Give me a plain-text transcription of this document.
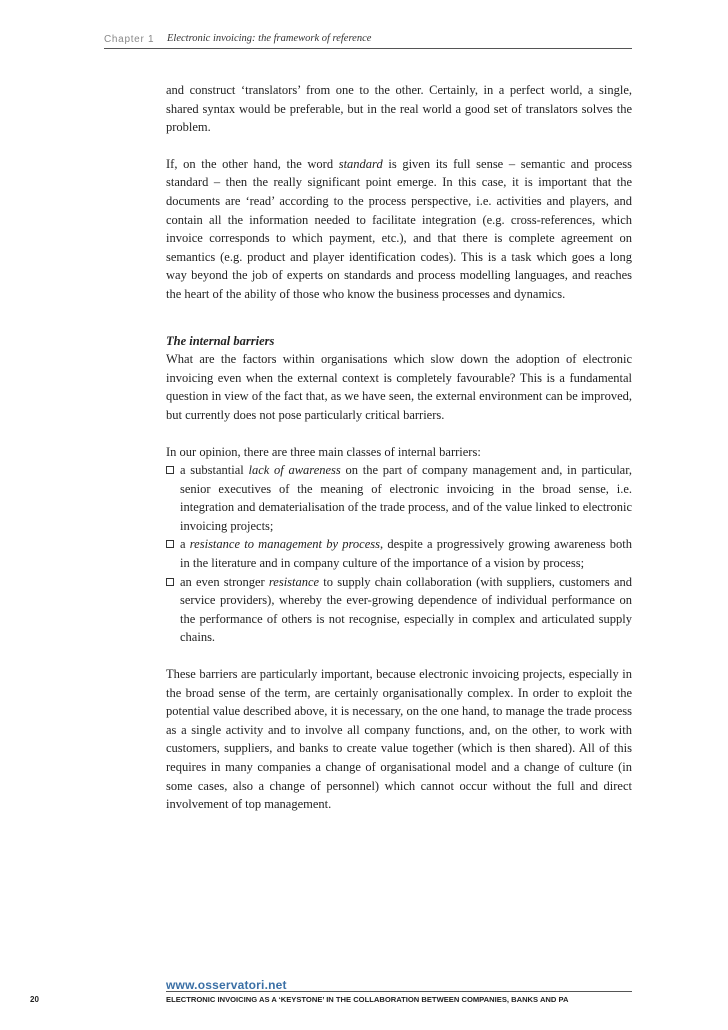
Chapter 1 Electronic invoicing: the framework of reference

and construct ‘translators’ from one to the other. Certainly, in a perfect world, a single, shared syntax would be preferable, but in the real world a good set of translators solves the problem.

If, on the other hand, the word standard is given its full sense – semantic and process standard – then the really significant point emerge. In this case, it is important that the documents are ‘read’ according to the process perspective, i.e. activities and players, and contain all the information needed to facilitate integration (e.g. cross-references, which invoice corresponds to which payment, etc.), and that there is complete agreement on semantics (e.g. product and player identification codes). This is a task which goes a long way beyond the job of experts on standards and process modelling languages, and reaches the heart of the ability of those who know the business processes and dynamics.

The internal barriers

What are the factors within organisations which slow down the adoption of electronic invoicing even when the external context is completely favourable? This is a fundamental question in view of the fact that, as we have seen, the external environment can be improved, but currently does not pose particularly critical barriers.

In our opinion, there are three main classes of internal barriers:

a substantial lack of awareness on the part of company management and, in particular, senior executives of the meaning of electronic invoicing in the broad sense, i.e. integration and dematerialisation of the trade process, and of the value linked to electronic invoicing projects;
a resistance to management by process, despite a progressively growing awareness both in the literature and in company culture of the importance of a vision by process;
an even stronger resistance to supply chain collaboration (with suppliers, customers and service providers), whereby the ever-growing dependence of individual performance on the performance of others is not recognise, especially in complex and articulated supply chains.

These barriers are particularly important, because electronic invoicing projects, especially in the broad sense of the term, are certainly organisationally complex. In order to exploit the potential value described above, it is necessary, on the one hand, to manage the trade process as a single activity and to involve all company functions, and, on the other, to work with customers, suppliers, and banks to create value together (which is then shared). All of this requires in many companies a change of organisational model and a change of culture (in some cases, also a change of personnel) which cannot occur without the full and direct involvement of top management.

www.osservatori.net
20	ELECTRONIC INVOICING AS A ‘KEYSTONE’ IN THE COLLABORATION BETWEEN COMPANIES, BANKS AND PA
